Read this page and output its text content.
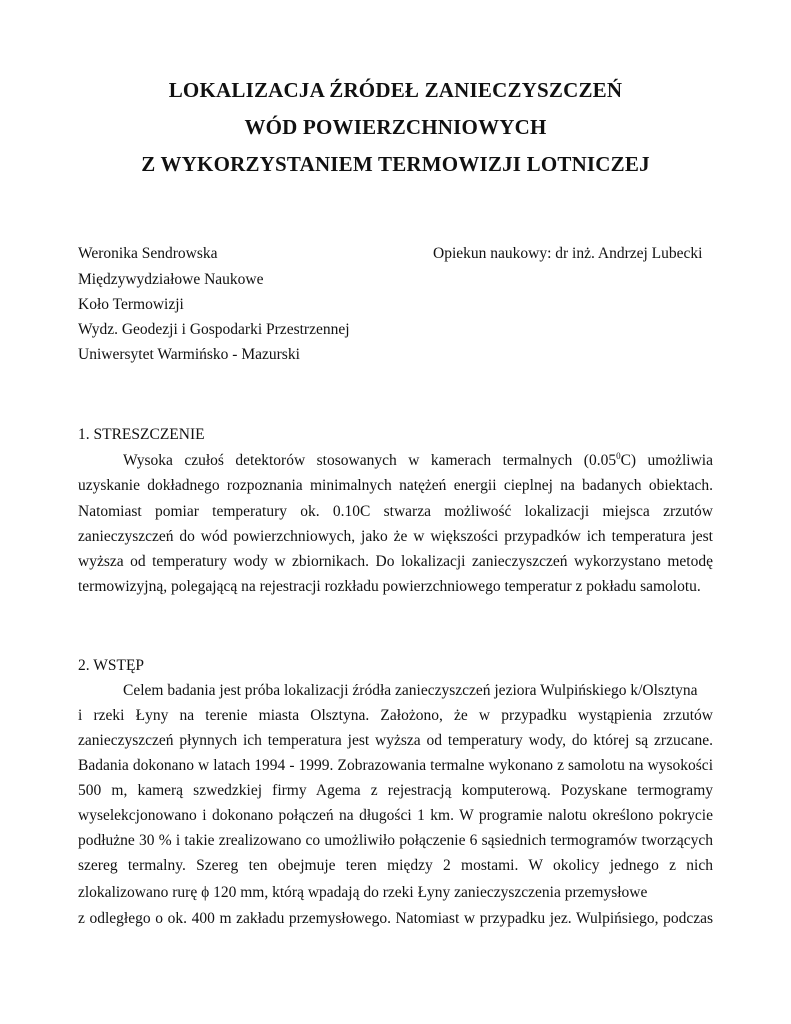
LOKALIZACJA ŹRÓDEŁ ZANIECZYSZCZEŃ
WÓD POWIERZCHNIOWYCH
Z WYKORZYSTANIEM TERMOWIZJI LOTNICZEJ
Weronika Sendrowska
Międzywydziałowe Naukowe
Koło Termowizji
Wydz. Geodezji i Gospodarki Przestrzennej
Uniwersytet Warmińsko - Mazurski
Opiekun naukowy: dr inż. Andrzej Lubecki
1. STRESZCZENIE
Wysoka czułoś detektorów stosowanych w kamerach termalnych (0.05$^0$C) umożliwia
uzyskanie dokładnego rozpoznania minimalnych natężeń energii cieplnej na badanych obiektach.
Natomiast pomiar temperatury ok. 0.10C stwarza możliwość lokalizacji miejsca zrzutów
zanieczyszczeń do wód powierzchniowych, jako że w większości przypadków ich temperatura jest
wyższa od temperatury wody w zbiornikach. Do lokalizacji zanieczyszczeń wykorzystano metodę
termowizyjną, polegającą na rejestracji rozkładu powierzchniowego temperatur z pokładu samolotu.
2. WSTĘP
Celem badania jest próba lokalizacji źródła zanieczyszczeń jeziora Wulpińskiego k/Olsztyna
i rzeki Łyny na terenie miasta Olsztyna. Założono, że w przypadku wystąpienia zrzutów
zanieczyszczeń płynnych ich temperatura jest wyższa od temperatury wody, do której są zrzucane.
Badania dokonano w latach 1994 - 1999. Zobrazowania termalne wykonano z samolotu na wysokości
500 m, kamerą szwedzkiej firmy Agema z rejestracją komputerową. Pozyskane termogramy
wyselekcjonowano i dokonano połączeń na długości 1 km. W programie nalotu określono pokrycie
podłużne 30 % i takie zrealizowano co umożliwiło połączenie 6 sąsiednich termogramów tworzących
szereg termalny. Szereg ten obejmuje teren między 2 mostami. W okolicy jednego z nich
zlokalizowano rurę ϕ 120 mm, którą wpadają do rzeki Łyny zanieczyszczenia przemysłowe
z odległego o ok. 400 m zakładu przemysłowego. Natomiast w przypadku jez. Wulpińsiego, podczas
